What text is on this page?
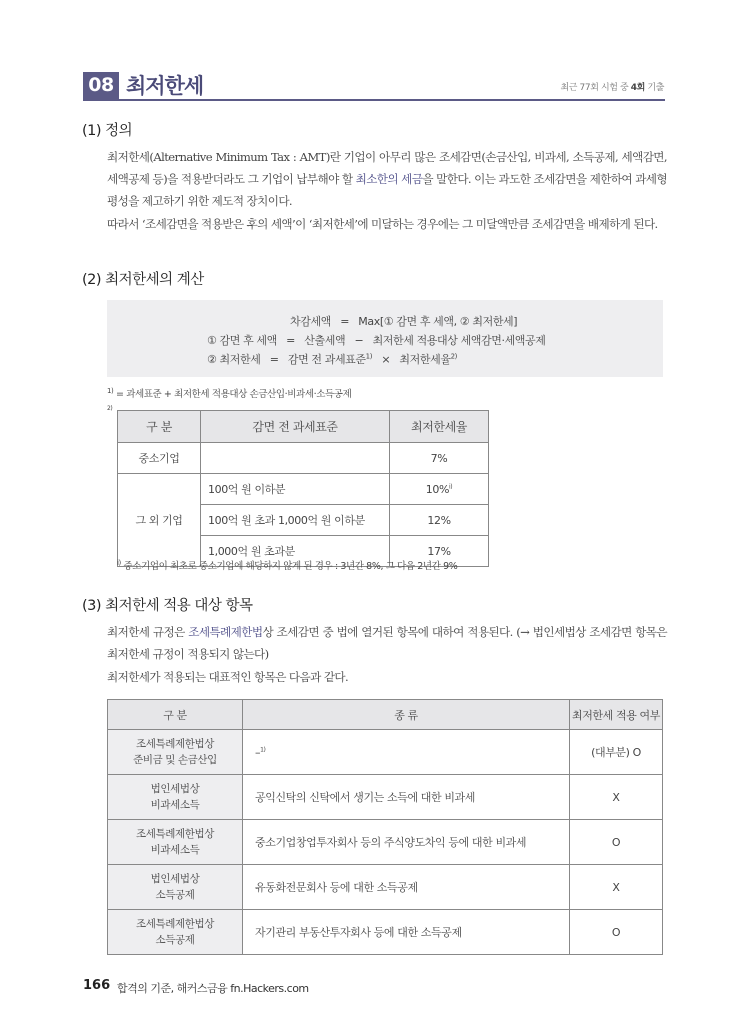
08 최저한세	최근 77회 시험 중 4회 기출
(1) 정의
최저한세(Alternative Minimum Tax : AMT)란 기업이 아무리 많은 조세감면(손금산입, 비과세, 소득공제, 세액감면, 세액공제 등)을 적용받더라도 그 기업이 납부해야 할 최소한의 세금을 말한다. 이는 과도한 조세감면을 제한하여 과세형평성을 제고하기 위한 제도적 장치이다.
따라서 ‘조세감면을 적용받은 후의 세액’이 ‘최저한세’에 미달하는 경우에는 그 미달액만큼 조세감면을 배제하게 된다.
(2) 최저한세의 계산
차감세액   =   Max[① 감면 후 세액, ② 최저한세]
① 감면 후 세액   =   산출세액   −   최저한세 적용대상 세액감면·세액공제
② 최저한세   =   감면 전 과세표준$^{1)}$   ×   최저한세율$^{2)}$
$^{1)}$ = 과세표준 + 최저한세 적용대상 손금산입·비과세·소득공제
2)
구 분	감면 전 과세표준	최저한세율
중소기업		7%
그 외 기업	100억 원 이하분	10%$^{i)}$
	100억 원 초과 1,000억 원 이하분	12%
	1,000억 원 초과분	17%
$^{i)}$ 중소기업이 최초로 중소기업에 해당하지 않게 된 경우 : 3년간 8%, 그 다음 2년간 9%
(3) 최저한세 적용 대상 항목
최저한세 규정은 조세특례제한법상 조세감면 중 법에 열거된 항목에 대하여 적용된다. (→ 법인세법상 조세감면 항목은 최저한세 규정이 적용되지 않는다)
최저한세가 적용되는 대표적인 항목은 다음과 같다.
구 분	종 류	최저한세 적용 여부

조세특례제한법상
준비금 및 손금산입	–$^{1)}$	(대부분) O

법인세법상
비과세소득	공익신탁의 신탁에서 생기는 소득에 대한 비과세	X

조세특례제한법상
비과세소득	중소기업창업투자회사 등의 주식양도차익 등에 대한 비과세	O

법인세법상
소득공제	유동화전문회사 등에 대한 소득공제	X

조세특례제한법상
소득공제	자기관리 부동산투자회사 등에 대한 소득공제	O
166 합격의 기준, 해커스금융 fn.Hackers.com
